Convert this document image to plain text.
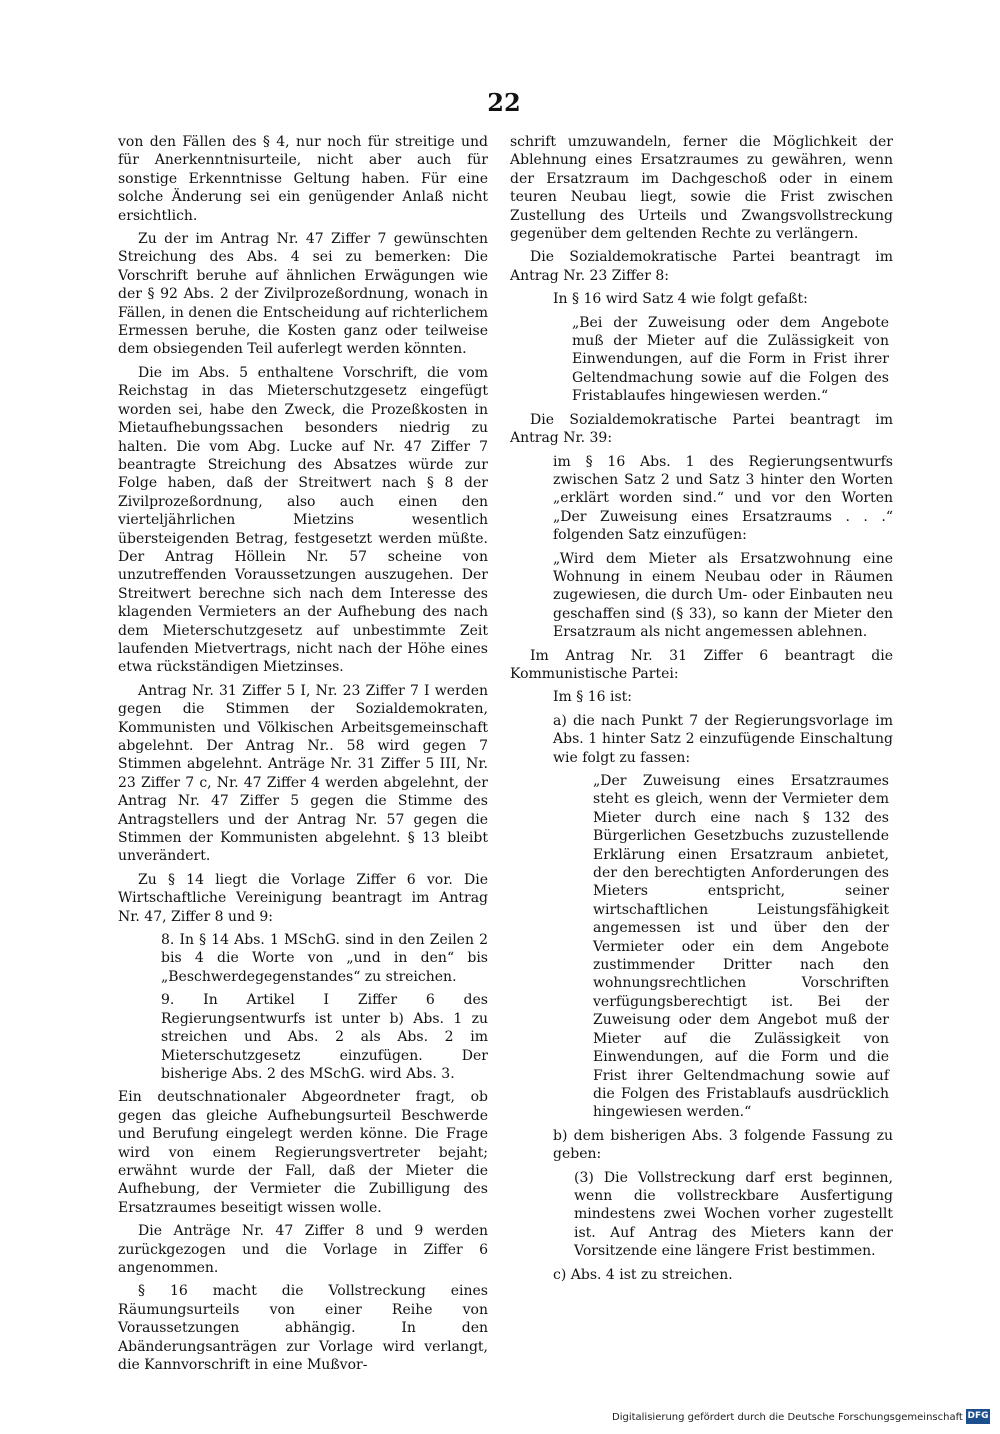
22

von den Fällen des § 4, nur noch für streitige und für Anerkenntnisurteile, nicht aber auch für sonstige Erkenntnisse Geltung haben. Für eine solche Änderung sei ein genügender Anlaß nicht ersichtlich.

Zu der im Antrag Nr. 47 Ziffer 7 gewünschten Streichung des Abs. 4 sei zu bemerken: Die Vorschrift beruhe auf ähnlichen Erwägungen wie der § 92 Abs. 2 der Zivilprozeßordnung, wonach in Fällen, in denen die Entscheidung auf richterlichem Ermessen beruhe, die Kosten ganz oder teilweise dem obsiegenden Teil auferlegt werden könnten.

Die im Abs. 5 enthaltene Vorschrift, die vom Reichstag in das Mieterschutzgesetz eingefügt worden sei, habe den Zweck, die Prozeßkosten in Mietaufhebungssachen besonders niedrig zu halten. Die vom Abg. Lucke auf Nr. 47 Ziffer 7 beantragte Streichung des Absatzes würde zur Folge haben, daß der Streitwert nach § 8 der Zivilprozeßordnung, also auch einen den vierteljährlichen Mietzins wesentlich übersteigenden Betrag, festgesetzt werden müßte. Der Antrag Höllein Nr. 57 scheine von unzutreffenden Voraussetzungen auszugehen. Der Streitwert berechne sich nach dem Interesse des klagenden Vermieters an der Aufhebung des nach dem Mieterschutzgesetz auf unbestimmte Zeit laufenden Mietvertrags, nicht nach der Höhe eines etwa rückständigen Mietzinses.

Antrag Nr. 31 Ziffer 5 I, Nr. 23 Ziffer 7 I werden gegen die Stimmen der Sozialdemokraten, Kommunisten und Völkischen Arbeitsgemeinschaft abgelehnt. Der Antrag Nr.. 58 wird gegen 7 Stimmen abgelehnt. Anträge Nr. 31 Ziffer 5 III, Nr. 23 Ziffer 7 c, Nr. 47 Ziffer 4 werden abgelehnt, der Antrag Nr. 47 Ziffer 5 gegen die Stimme des Antragstellers und der Antrag Nr. 57 gegen die Stimmen der Kommunisten abgelehnt. § 13 bleibt unverändert.

Zu § 14 liegt die Vorlage Ziffer 6 vor. Die Wirtschaftliche Vereinigung beantragt im Antrag Nr. 47, Ziffer 8 und 9:

8. In § 14 Abs. 1 MSchG. sind in den Zeilen 2 bis 4 die Worte von „und in den“ bis „Beschwerdegegenstandes“ zu streichen.

9. In Artikel I Ziffer 6 des Regierungsentwurfs ist unter b) Abs. 1 zu streichen und Abs. 2 als Abs. 2 im Mieterschutzgesetz einzufügen. Der bisherige Abs. 2 des MSchG. wird Abs. 3.

Ein deutschnationaler Abgeordneter fragt, ob gegen das gleiche Aufhebungsurteil Beschwerde und Berufung eingelegt werden könne. Die Frage wird von einem Regierungsvertreter bejaht; erwähnt wurde der Fall, daß der Mieter die Aufhebung, der Vermieter die Zubilligung des Ersatzraumes beseitigt wissen wolle.

Die Anträge Nr. 47 Ziffer 8 und 9 werden zurückgezogen und die Vorlage in Ziffer 6 angenommen.

§ 16 macht die Vollstreckung eines Räumungsurteils von einer Reihe von Voraussetzungen abhängig. In den Abänderungsanträgen zur Vorlage wird verlangt, die Kannvorschrift in eine Mußvor-

schrift umzuwandeln, ferner die Möglichkeit der Ablehnung eines Ersatzraumes zu gewähren, wenn der Ersatzraum im Dachgeschoß oder in einem teuren Neubau liegt, sowie die Frist zwischen Zustellung des Urteils und Zwangsvollstreckung gegenüber dem geltenden Rechte zu verlängern.

Die Sozialdemokratische Partei beantragt im Antrag Nr. 23 Ziffer 8:

In § 16 wird Satz 4 wie folgt gefaßt:

„Bei der Zuweisung oder dem Angebote muß der Mieter auf die Zulässigkeit von Einwendungen, auf die Form in Frist ihrer Geltendmachung sowie auf die Folgen des Fristablaufes hingewiesen werden.“

Die Sozialdemokratische Partei beantragt im Antrag Nr. 39:

im § 16 Abs. 1 des Regierungsentwurfs zwischen Satz 2 und Satz 3 hinter den Worten „erklärt worden sind.“ und vor den Worten „Der Zuweisung eines Ersatzraums . . .“ folgenden Satz einzufügen:

„Wird dem Mieter als Ersatzwohnung eine Wohnung in einem Neubau oder in Räumen zugewiesen, die durch Um- oder Einbauten neu geschaffen sind (§ 33), so kann der Mieter den Ersatzraum als nicht angemessen ablehnen.

Im Antrag Nr. 31 Ziffer 6 beantragt die Kommunistische Partei:

Im § 16 ist:

a) die nach Punkt 7 der Regierungsvorlage im Abs. 1 hinter Satz 2 einzufügende Einschaltung wie folgt zu fassen:

„Der Zuweisung eines Ersatzraumes steht es gleich, wenn der Vermieter dem Mieter durch eine nach § 132 des Bürgerlichen Gesetzbuchs zuzustellende Erklärung einen Ersatzraum anbietet, der den berechtigten Anforderungen des Mieters entspricht, seiner wirtschaftlichen Leistungsfähigkeit angemessen ist und über den der Vermieter oder ein dem Angebote zustimmender Dritter nach den wohnungsrechtlichen Vorschriften verfügungsberechtigt ist. Bei der Zuweisung oder dem Angebot muß der Mieter auf die Zulässigkeit von Einwendungen, auf die Form und die Frist ihrer Geltendmachung sowie auf die Folgen des Fristablaufs ausdrücklich hingewiesen werden.“

b) dem bisherigen Abs. 3 folgende Fassung zu geben:

(3) Die Vollstreckung darf erst beginnen, wenn die vollstreckbare Ausfertigung mindestens zwei Wochen vorher zugestellt ist. Auf Antrag des Mieters kann der Vorsitzende eine längere Frist bestimmen.

c) Abs. 4 ist zu streichen.

Digitalisierung gefördert durch die Deutsche Forschungsgemeinschaft DFG
